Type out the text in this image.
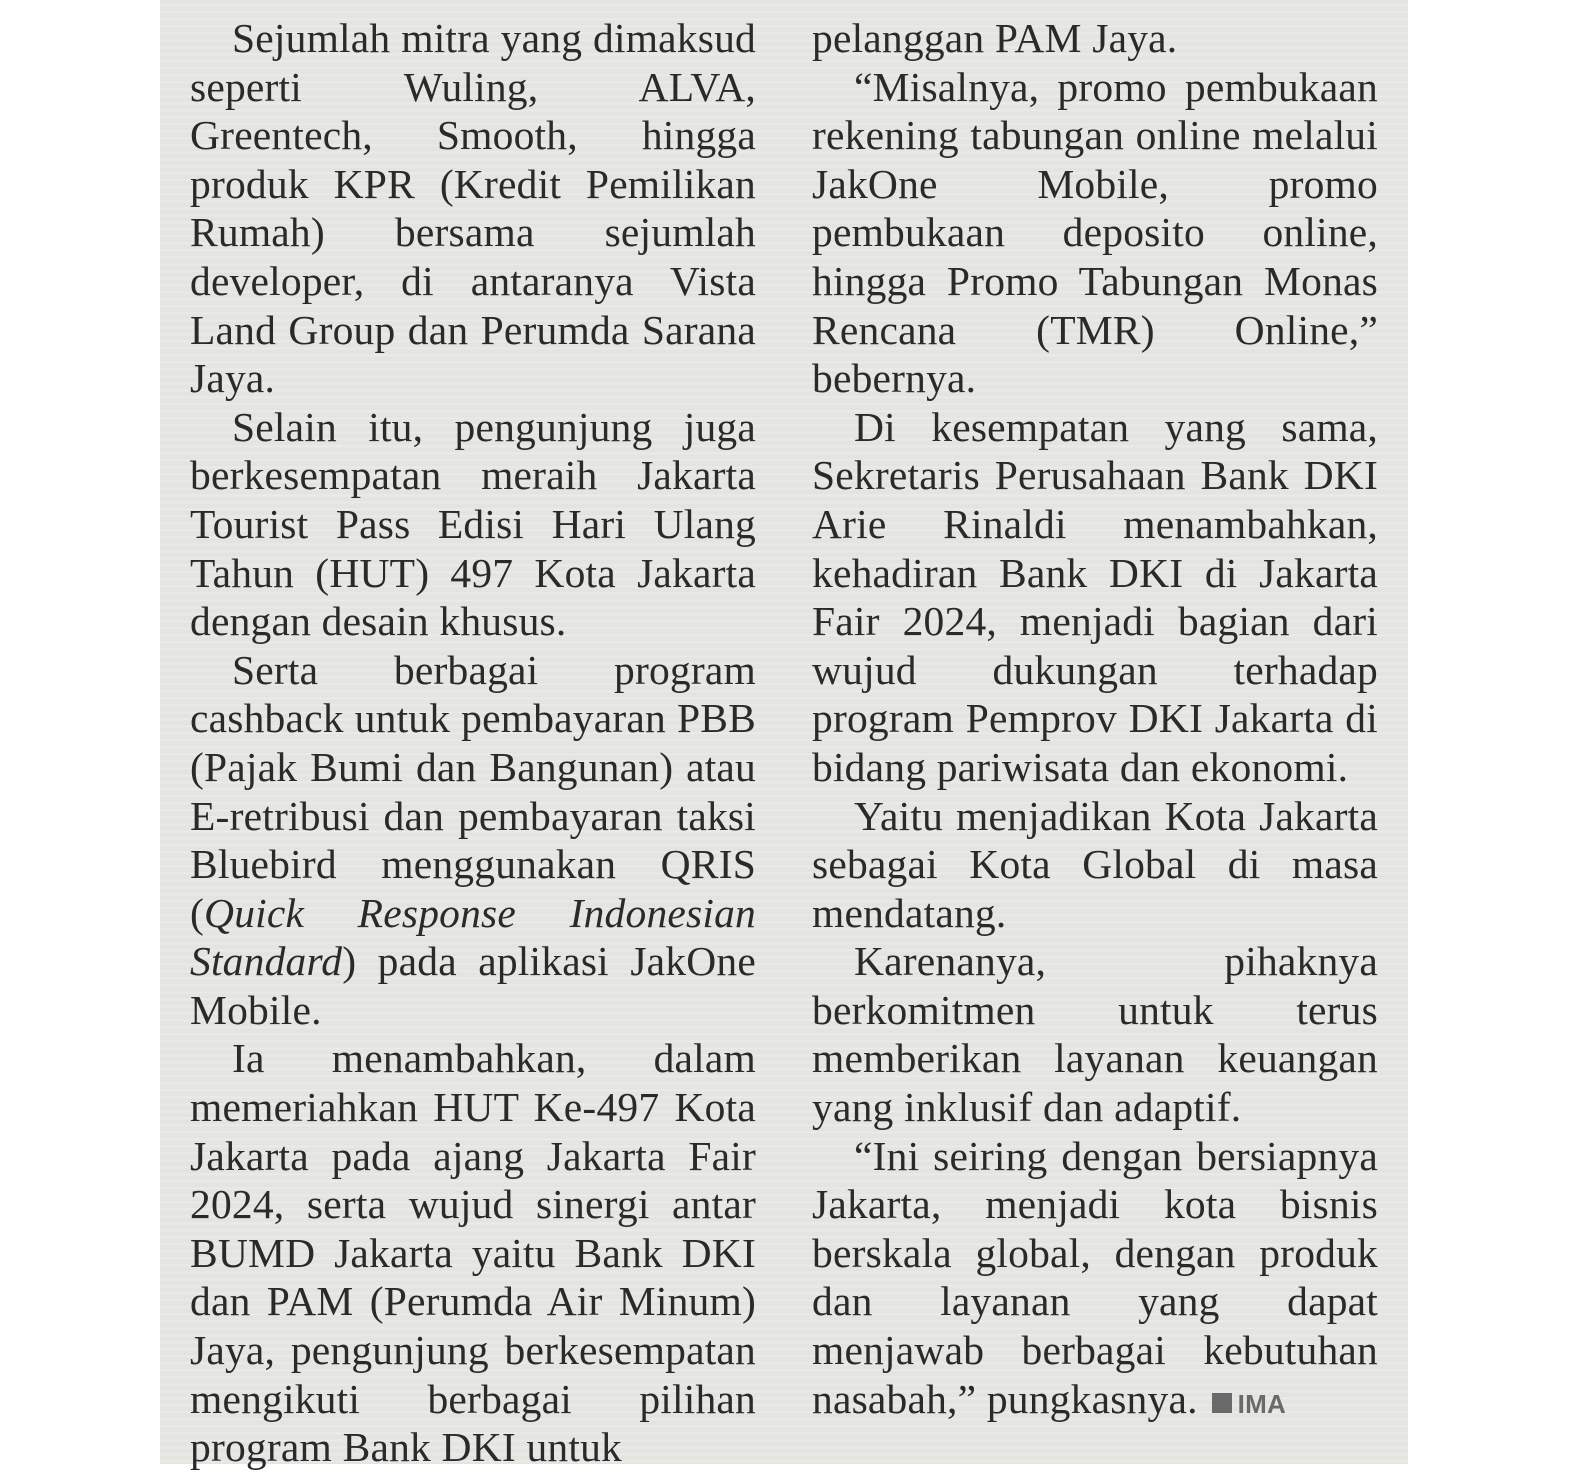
Sejumlah mitra yang dimaksud seperti Wuling, ALVA, Greentech, Smooth, hingga produk KPR (Kredit Pemilikan Rumah) bersama sejumlah developer, di antaranya Vista Land Group dan Perumda Sarana Jaya.

Selain itu, pengunjung juga berkesempatan meraih Jakarta Tourist Pass Edisi Hari Ulang Tahun (HUT) 497 Kota Jakarta dengan desain khusus.

Serta berbagai program cashback untuk pembayaran PBB (Pajak Bumi dan Bangunan) atau E-retribusi dan pembayaran taksi Bluebird menggunakan QRIS (Quick Response Indonesian Standard) pada aplikasi JakOne Mobile.

Ia menambahkan, dalam memeriahkan HUT Ke-497 Kota Jakarta pada ajang Jakarta Fair 2024, serta wujud sinergi antar BUMD Jakarta yaitu Bank DKI dan PAM (Perumda Air Minum) Jaya, pengunjung berkesempatan mengikuti berbagai pilihan program Bank DKI untuk

pelanggan PAM Jaya.

“Misalnya, promo pembukaan rekening tabungan online melalui JakOne Mobile, promo pembukaan deposito online, hingga Promo Tabungan Monas Rencana (TMR) Online,” bebernya.

Di kesempatan yang sama, Sekretaris Perusahaan Bank DKI Arie Rinaldi menambahkan, kehadiran Bank DKI di Jakarta Fair 2024, menjadi bagian dari wujud dukungan terhadap program Pemprov DKI Jakarta di bidang pariwisata dan ekonomi.

Yaitu menjadikan Kota Jakarta sebagai Kota Global di masa mendatang.

Karenanya, pihaknya berkomitmen untuk terus memberikan layanan keuangan yang inklusif dan adaptif.

“Ini seiring dengan bersiapnya Jakarta, menjadi kota bisnis berskala global, dengan produk dan layanan yang dapat menjawab berbagai kebutuhan nasabah,” pungkasnya. IMA
